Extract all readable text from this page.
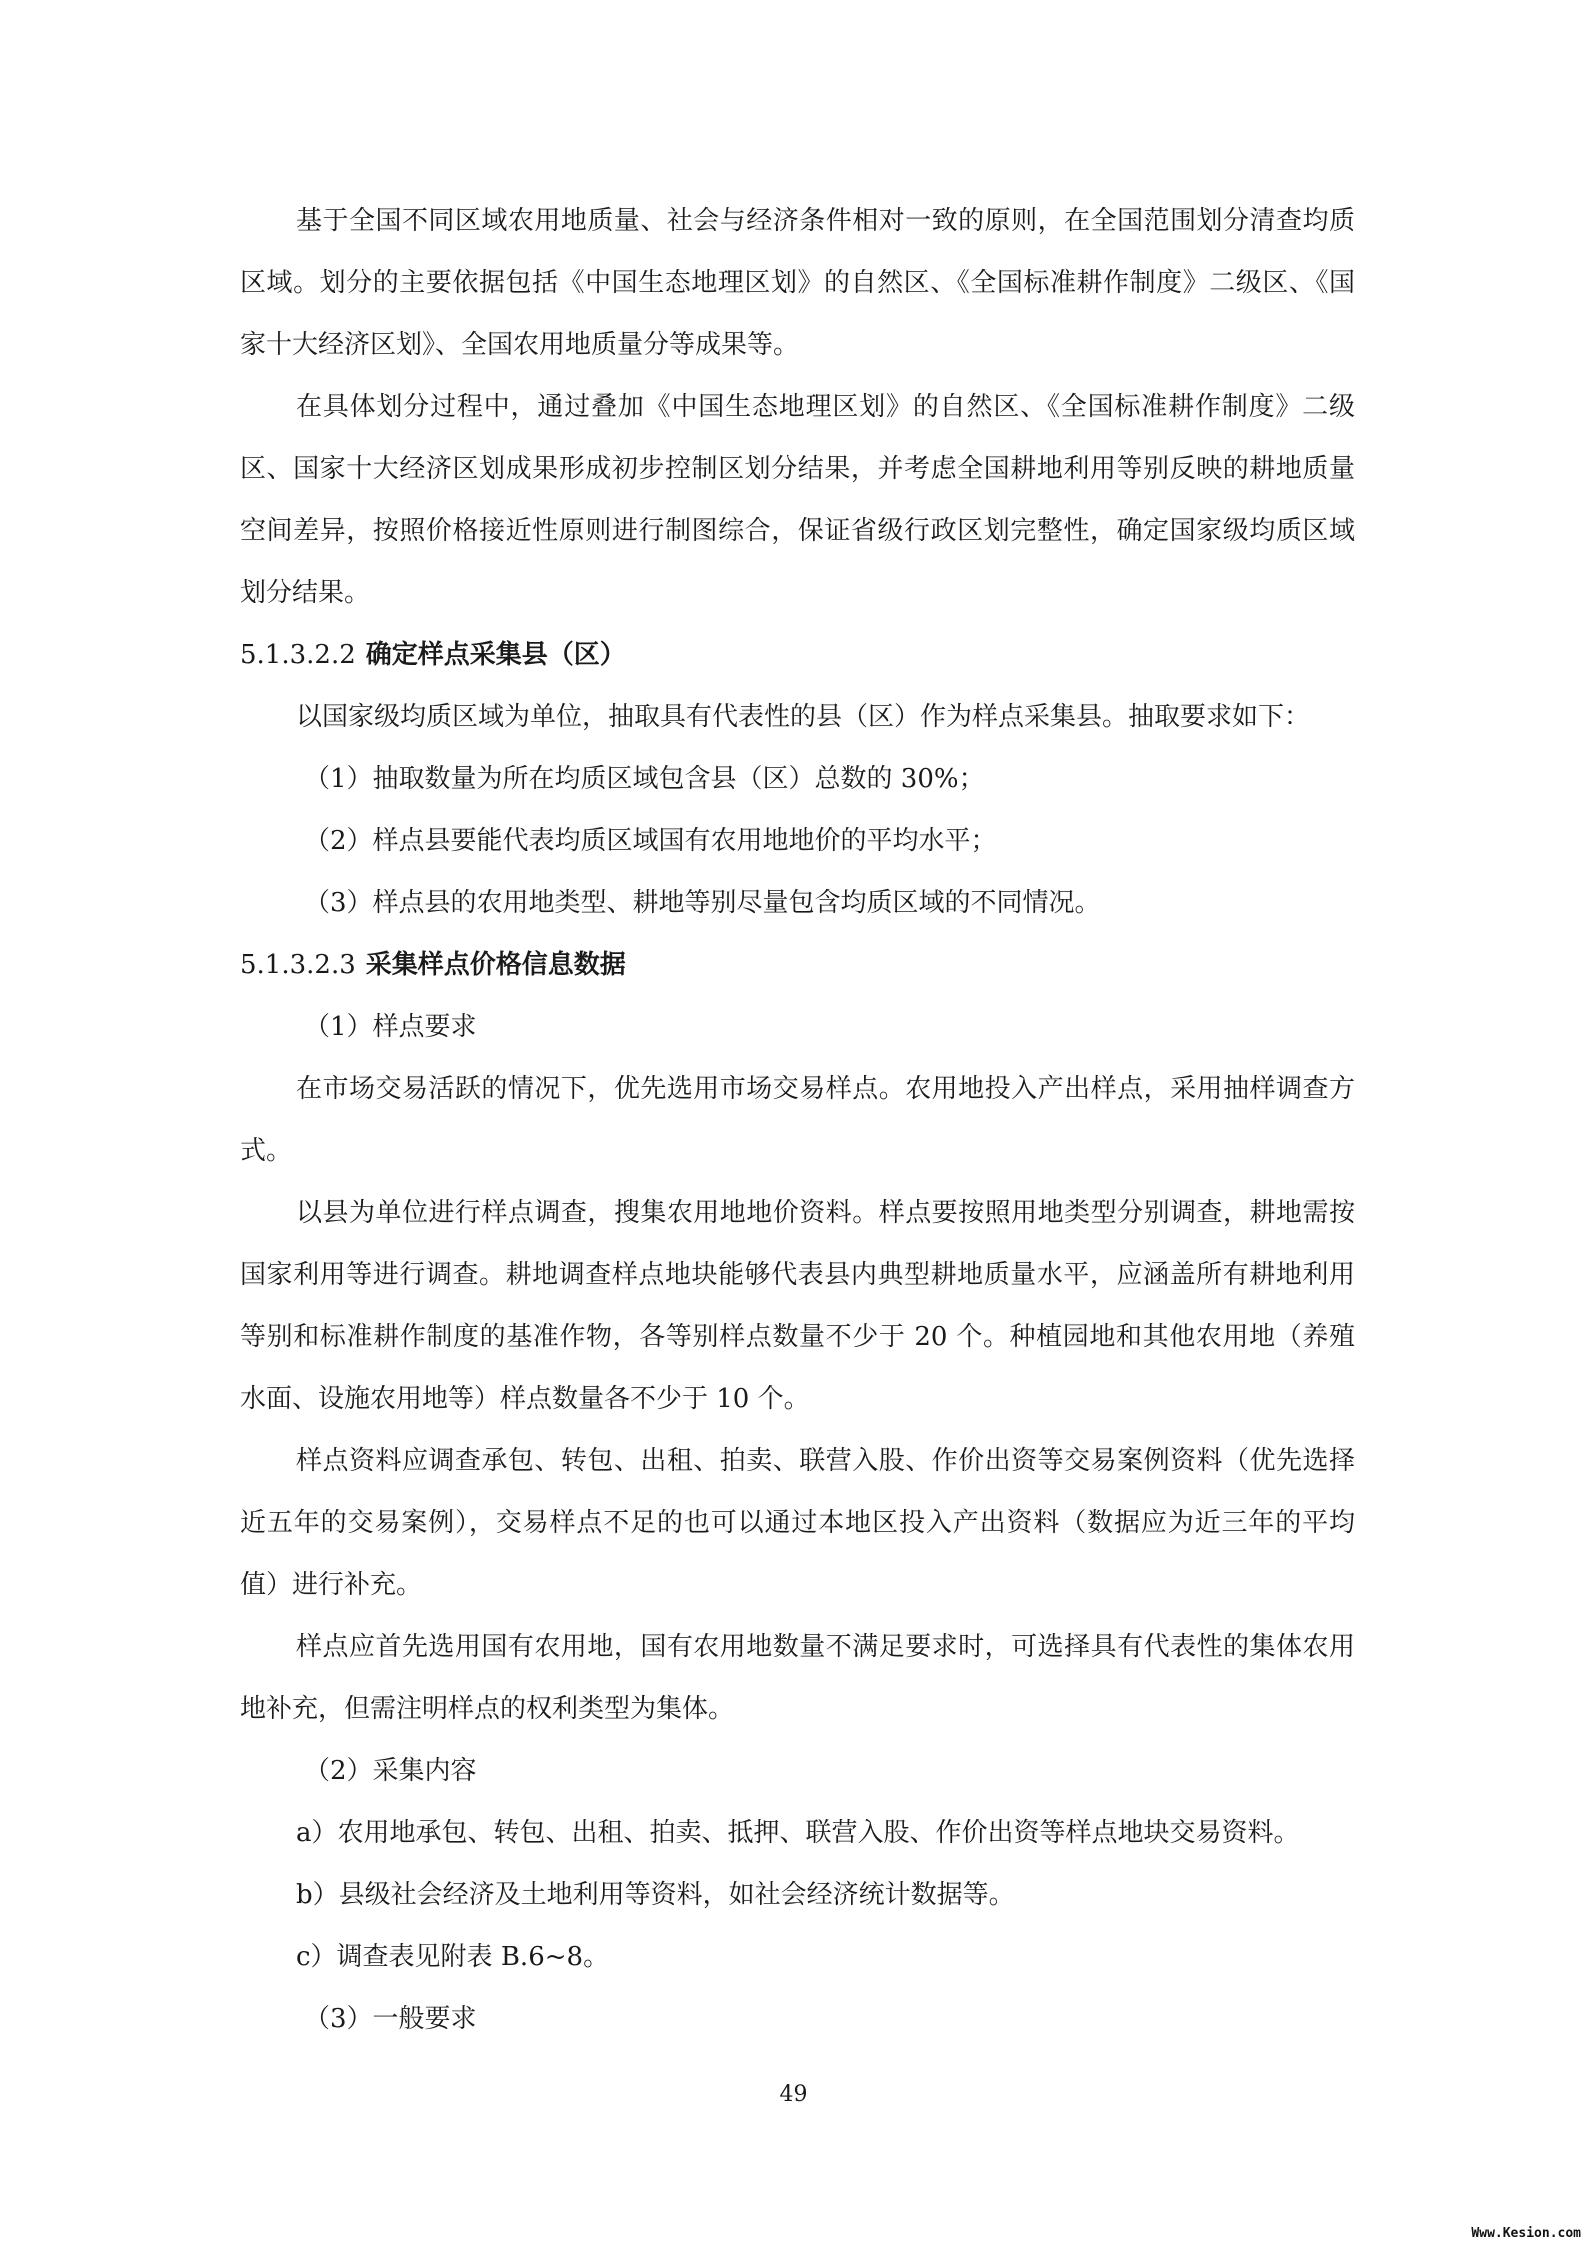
基于全国不同区域农用地质量、社会与经济条件相对一致的原则，在全国范围划分清查均质区域。划分的主要依据包括《中国生态地理区划》的自然区、《全国标准耕作制度》二级区、《国家十大经济区划》、全国农用地质量分等成果等。

在具体划分过程中，通过叠加《中国生态地理区划》的自然区、《全国标准耕作制度》二级区、国家十大经济区划成果形成初步控制区划分结果，并考虑全国耕地利用等别反映的耕地质量空间差异，按照价格接近性原则进行制图综合，保证省级行政区划完整性，确定国家级均质区域划分结果。

5.1.3.2.2 确定样点采集县（区）

以国家级均质区域为单位，抽取具有代表性的县（区）作为样点采集县。抽取要求如下：

（1）抽取数量为所在均质区域包含县（区）总数的 30%；

（2）样点县要能代表均质区域国有农用地地价的平均水平；

（3）样点县的农用地类型、耕地等别尽量包含均质区域的不同情况。

5.1.3.2.3 采集样点价格信息数据

（1）样点要求

在市场交易活跃的情况下，优先选用市场交易样点。农用地投入产出样点，采用抽样调查方式。

以县为单位进行样点调查，搜集农用地地价资料。样点要按照用地类型分别调查，耕地需按国家利用等进行调查。耕地调查样点地块能够代表县内典型耕地质量水平，应涵盖所有耕地利用等别和标准耕作制度的基准作物，各等别样点数量不少于 20 个。种植园地和其他农用地（养殖水面、设施农用地等）样点数量各不少于 10 个。

样点资料应调查承包、转包、出租、拍卖、联营入股、作价出资等交易案例资料（优先选择近五年的交易案例），交易样点不足的也可以通过本地区投入产出资料（数据应为近三年的平均值）进行补充。

样点应首先选用国有农用地，国有农用地数量不满足要求时，可选择具有代表性的集体农用地补充，但需注明样点的权利类型为集体。

（2）采集内容

a）农用地承包、转包、出租、拍卖、抵押、联营入股、作价出资等样点地块交易资料。

b）县级社会经济及土地利用等资料，如社会经济统计数据等。

c）调查表见附表 B.6~8。

（3）一般要求

49
Www.Kesion.com
